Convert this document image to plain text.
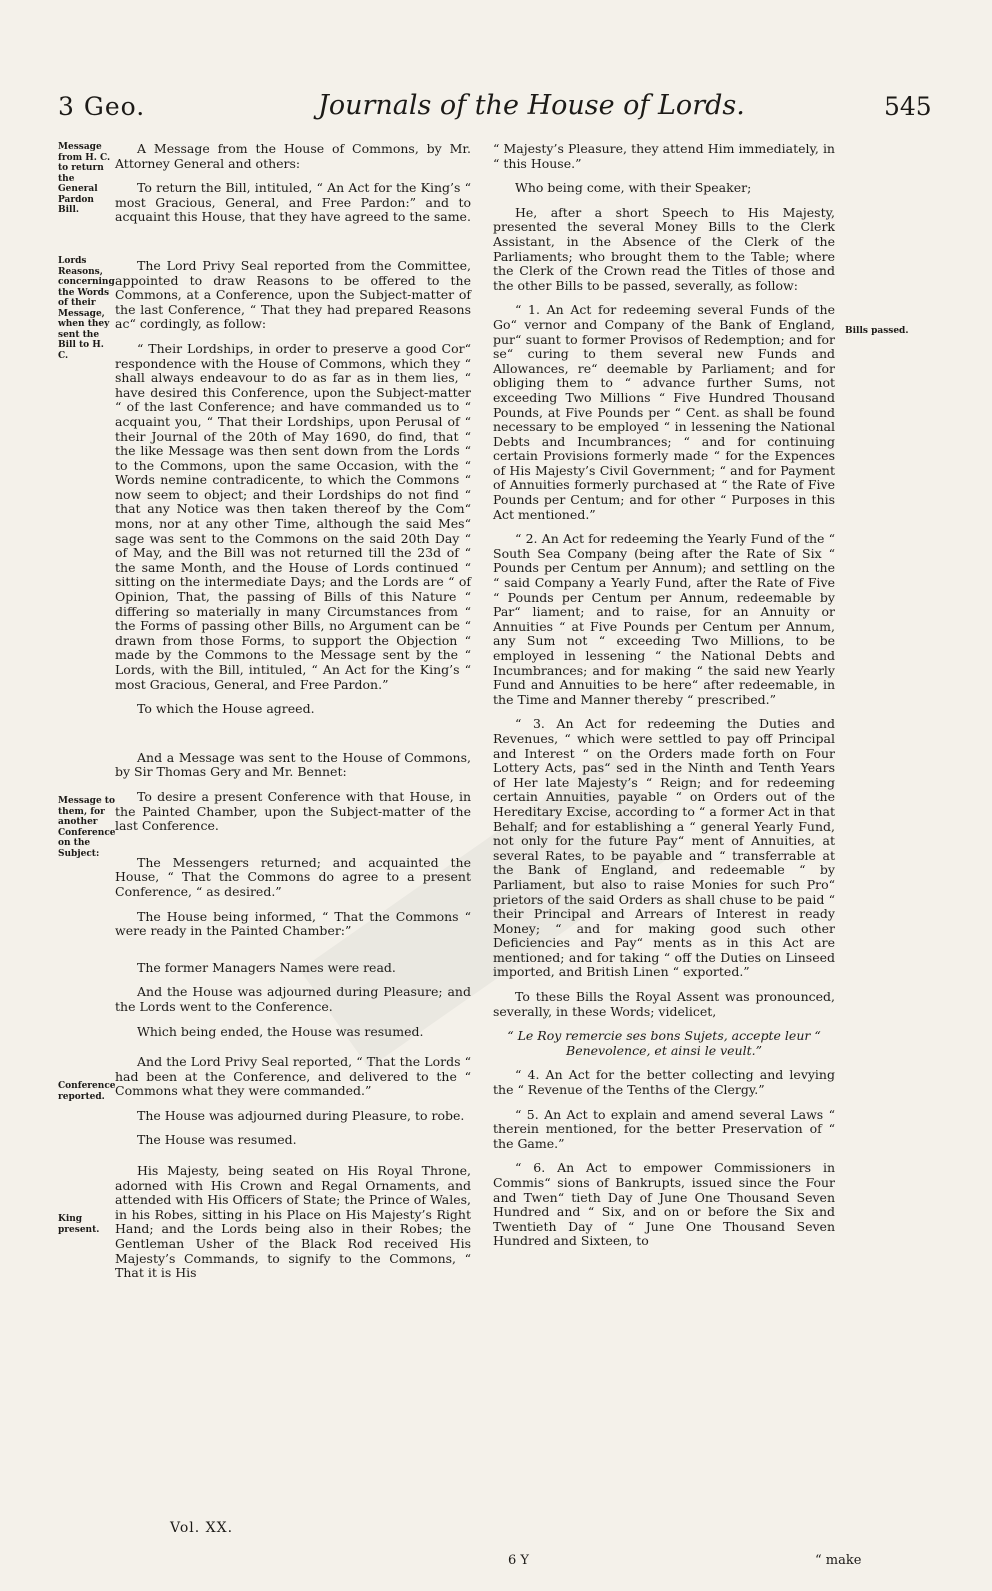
3 Geo.	Journals of the House of Lords.	545
Message from H. C. to return the General Pardon Bill.
Lords Reasons, concerning the Words of their Message, when they sent the Bill to H. C.
Message to them, for another Conference on the Subject:
Conference reported.
King present.
Bills passed.

A Message from the House of Commons, by Mr. Attorney General and others:

To return the Bill, intituled, “ An Act for the King’s “ most Gracious, General, and Free Pardon:” and to acquaint this House, that they have agreed to the same.

The Lord Privy Seal reported from the Committee, appointed to draw Reasons to be offered to the Commons, at a Conference, upon the Subject-matter of the last Conference, “ That they had prepared Reasons ac“ cordingly, as follow:

“ Their Lordships, in order to preserve a good Cor“ respondence with the House of Commons, which they “ shall always endeavour to do as far as in them lies, “ have desired this Conference, upon the Subject-matter “ of the last Conference; and have commanded us to “ acquaint you, “ That their Lordships, upon Perusal of “ their Journal of the 20th of May 1690, do find, that “ the like Message was then sent down from the Lords “ to the Commons, upon the same Occasion, with the “ Words nemine contradicente, to which the Commons “ now seem to object; and their Lordships do not find “ that any Notice was then taken thereof by the Com“ mons, nor at any other Time, although the said Mes“ sage was sent to the Commons on the said 20th Day “ of May, and the Bill was not returned till the 23d of “ the same Month, and the House of Lords continued “ sitting on the intermediate Days; and the Lords are “ of Opinion, That, the passing of Bills of this Nature “ differing so materially in many Circumstances from “ the Forms of passing other Bills, no Argument can be “ drawn from those Forms, to support the Objection “ made by the Commons to the Message sent by the “ Lords, with the Bill, intituled, “ An Act for the King’s “ most Gracious, General, and Free Pardon.”

To which the House agreed.

And a Message was sent to the House of Commons, by Sir Thomas Gery and Mr. Bennet:

To desire a present Conference with that House, in the Painted Chamber, upon the Subject-matter of the last Conference.

The Messengers returned; and acquainted the House, “ That the Commons do agree to a present Conference, “ as desired.”

The House being informed, “ That the Commons “ were ready in the Painted Chamber:”

The former Managers Names were read.

And the House was adjourned during Pleasure; and the Lords went to the Conference.

Which being ended, the House was resumed.

And the Lord Privy Seal reported, “ That the Lords “ had been at the Conference, and delivered to the “ Commons what they were commanded.”

The House was adjourned during Pleasure, to robe.

The House was resumed.

His Majesty, being seated on His Royal Throne, adorned with His Crown and Regal Ornaments, and attended with His Officers of State; the Prince of Wales, in his Robes, sitting in his Place on His Majesty’s Right Hand; and the Lords being also in their Robes; the Gentleman Usher of the Black Rod received His Majesty’s Commands, to signify to the Commons, “ That it is His

“ Majesty’s Pleasure, they attend Him immediately, in “ this House.”

Who being come, with their Speaker;

He, after a short Speech to His Majesty, presented the several Money Bills to the Clerk Assistant, in the Absence of the Clerk of the Parliaments; who brought them to the Table; where the Clerk of the Crown read the Titles of those and the other Bills to be passed, severally, as follow:

“ 1. An Act for redeeming several Funds of the Go“ vernor and Company of the Bank of England, pur“ suant to former Provisos of Redemption; and for se“ curing to them several new Funds and Allowances, re“ deemable by Parliament; and for obliging them to “ advance further Sums, not exceeding Two Millions “ Five Hundred Thousand Pounds, at Five Pounds per “ Cent. as shall be found necessary to be employed “ in lessening the National Debts and Incumbrances; “ and for continuing certain Provisions formerly made “ for the Expences of His Majesty’s Civil Government; “ and for Payment of Annuities formerly purchased at “ the Rate of Five Pounds per Centum; and for other “ Purposes in this Act mentioned.”

“ 2. An Act for redeeming the Yearly Fund of the “ South Sea Company (being after the Rate of Six “ Pounds per Centum per Annum); and settling on the “ said Company a Yearly Fund, after the Rate of Five “ Pounds per Centum per Annum, redeemable by Par“ liament; and to raise, for an Annuity or Annuities “ at Five Pounds per Centum per Annum, any Sum not “ exceeding Two Millions, to be employed in lessening “ the National Debts and Incumbrances; and for making “ the said new Yearly Fund and Annuities to be here“ after redeemable, in the Time and Manner thereby “ prescribed.”

“ 3. An Act for redeeming the Duties and Revenues, “ which were settled to pay off Principal and Interest “ on the Orders made forth on Four Lottery Acts, pas“ sed in the Ninth and Tenth Years of Her late Majesty’s “ Reign; and for redeeming certain Annuities, payable “ on Orders out of the Hereditary Excise, according to “ a former Act in that Behalf; and for establishing a “ general Yearly Fund, not only for the future Pay“ ment of Annuities, at several Rates, to be payable and “ transferrable at the Bank of England, and redeemable “ by Parliament, but also to raise Monies for such Pro“ prietors of the said Orders as shall chuse to be paid “ their Principal and Arrears of Interest in ready Money; “ and for making good such other Deficiencies and Pay“ ments as in this Act are mentioned; and for taking “ off the Duties on Linseed imported, and British Linen “ exported.”

To these Bills the Royal Assent was pronounced, severally, in these Words; videlicet,

“ Le Roy remercie ses bons Sujets, accepte leur “ Benevolence, et ainsi le veult.”

“ 4. An Act for the better collecting and levying the “ Revenue of the Tenths of the Clergy.”

“ 5. An Act to explain and amend several Laws “ therein mentioned, for the better Preservation of “ the Game.”

“ 6. An Act to empower Commissioners in Commis“ sions of Bankrupts, issued since the Four and Twen“ tieth Day of June One Thousand Seven Hundred and “ Six, and on or before the Six and Twentieth Day of “ June One Thousand Seven Hundred and Sixteen, to

Vol. XX.
6 Y	“ make
